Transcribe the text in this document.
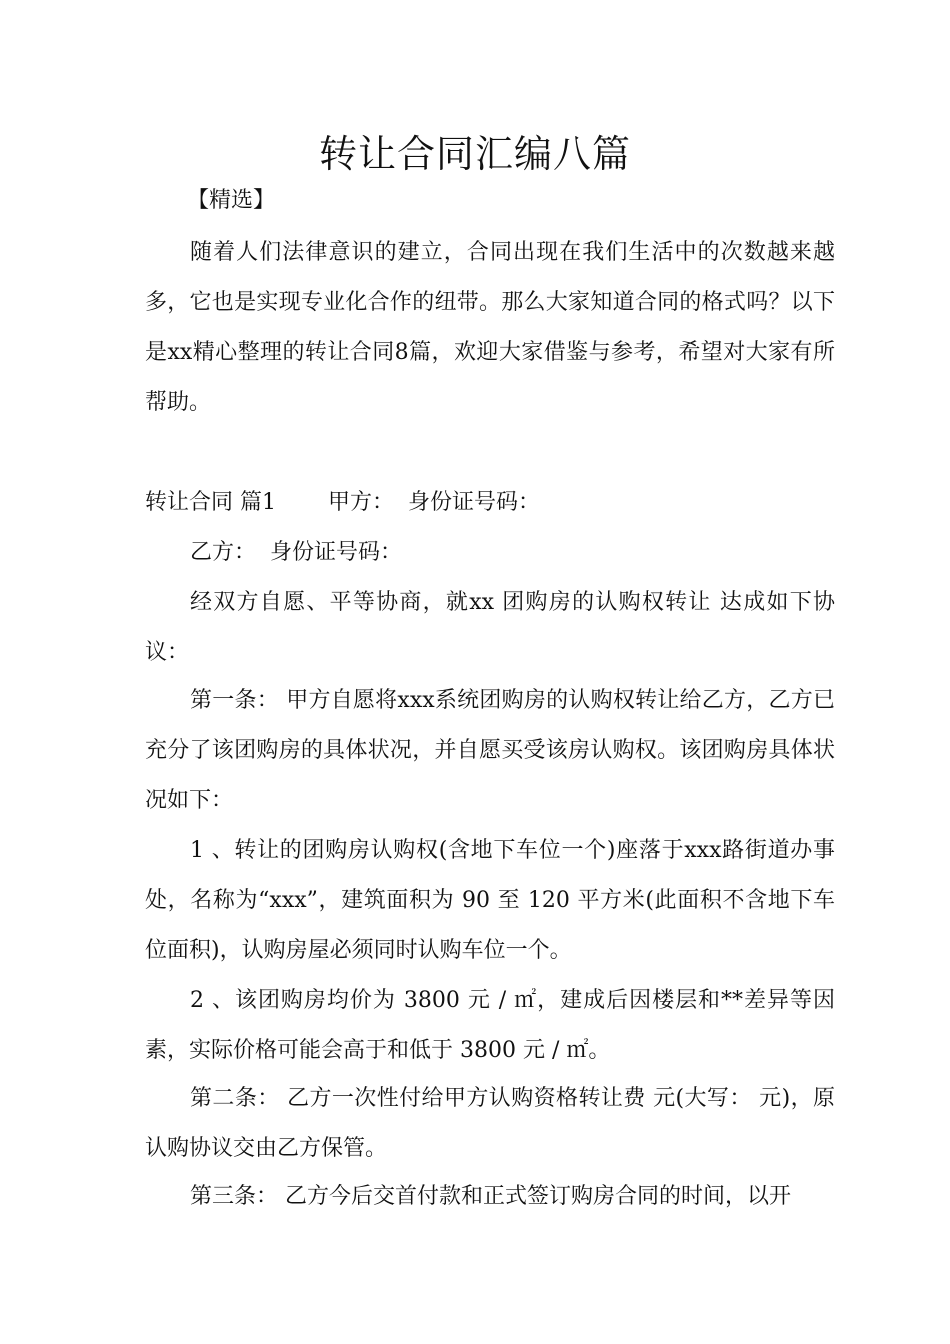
转让合同汇编八篇
【精选】

随着人们法律意识的建立，合同出现在我们生活中的次数越来越多，它也是实现专业化合作的纽带。那么大家知道合同的格式吗？以下是xx精心整理的转让合同8篇，欢迎大家借鉴与参考，希望对大家有所帮助。

转让合同 篇1 甲方： 身份证号码：

乙方： 身份证号码：

经双方自愿、平等协商，就xx 团购房的认购权转让 达成如下协议：

第一条： 甲方自愿将xxx系统团购房的认购权转让给乙方，乙方已充分了该团购房的具体状况，并自愿买受该房认购权。该团购房具体状况如下：

1 、转让的团购房认购权(含地下车位一个)座落于xxx路街道办事处，名称为“xxx”，建筑面积为 90 至 120 平方米(此面积不含地下车位面积)，认购房屋必须同时认购车位一个。

2 、该团购房均价为 3800 元 / ㎡，建成后因楼层和**差异等因素，实际价格可能会高于和低于 3800 元 / ㎡。

第二条： 乙方一次性付给甲方认购资格转让费 元(大写： 元)，原认购协议交由乙方保管。

第三条： 乙方今后交首付款和正式签订购房合同的时间，以开
